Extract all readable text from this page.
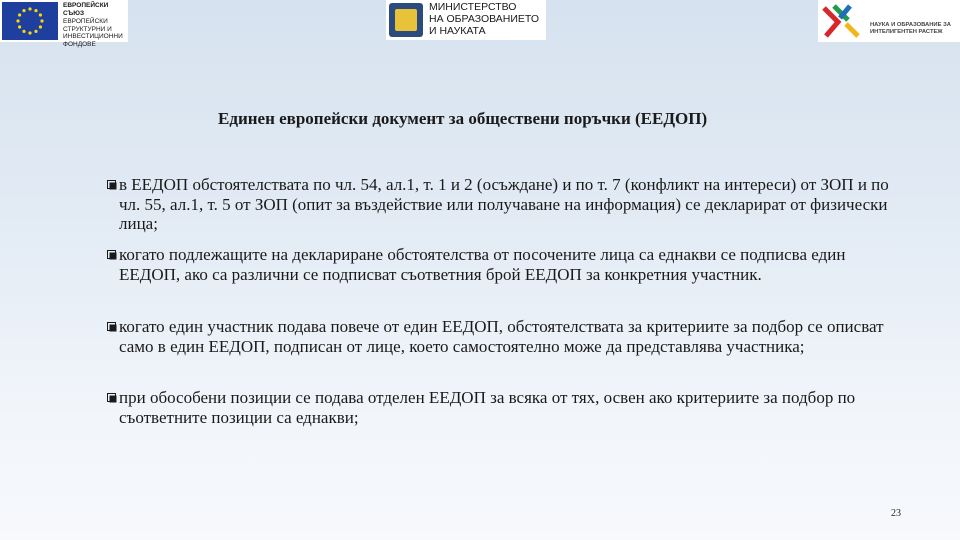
ЕВРОПЕЙСКИ СЪЮЗ
ЕВРОПЕЙСКИ СТРУКТУРНИ И ИНВЕСТИЦИОННИ ФОНДОВЕ
МИНИСТЕРСТВО
НА ОБРАЗОВАНИЕТО
И НАУКАТА	НАУКА И ОБРАЗОВАНИЕ ЗА
ИНТЕЛИГЕНТЕН РАСТЕЖ
Единен европейски документ за обществени поръчки (ЕЕДОП)
в ЕЕДОП обстоятелствата по чл. 54, ал.1, т. 1 и 2 (осъждане) и по т. 7 (конфликт на интереси) от ЗОП и по чл. 55, ал.1, т. 5 от ЗОП (опит за въздействие или получаване на информация) се декларират от физически лица;
когато подлежащите на деклариране обстоятелства от посочените лица са еднакви се подписва един ЕЕДОП, ако са различни се подписват съответния брой ЕЕДОП за конкретния участник.
когато един участник подава повече от един ЕЕДОП, обстоятелствата за критериите за подбор се описват само в един ЕЕДОП, подписан от лице, което самостоятелно може да представлява участника;
при обособени позиции се подава отделен ЕЕДОП за всяка от тях, освен ако критериите за подбор по съответните позиции са еднакви;
23
